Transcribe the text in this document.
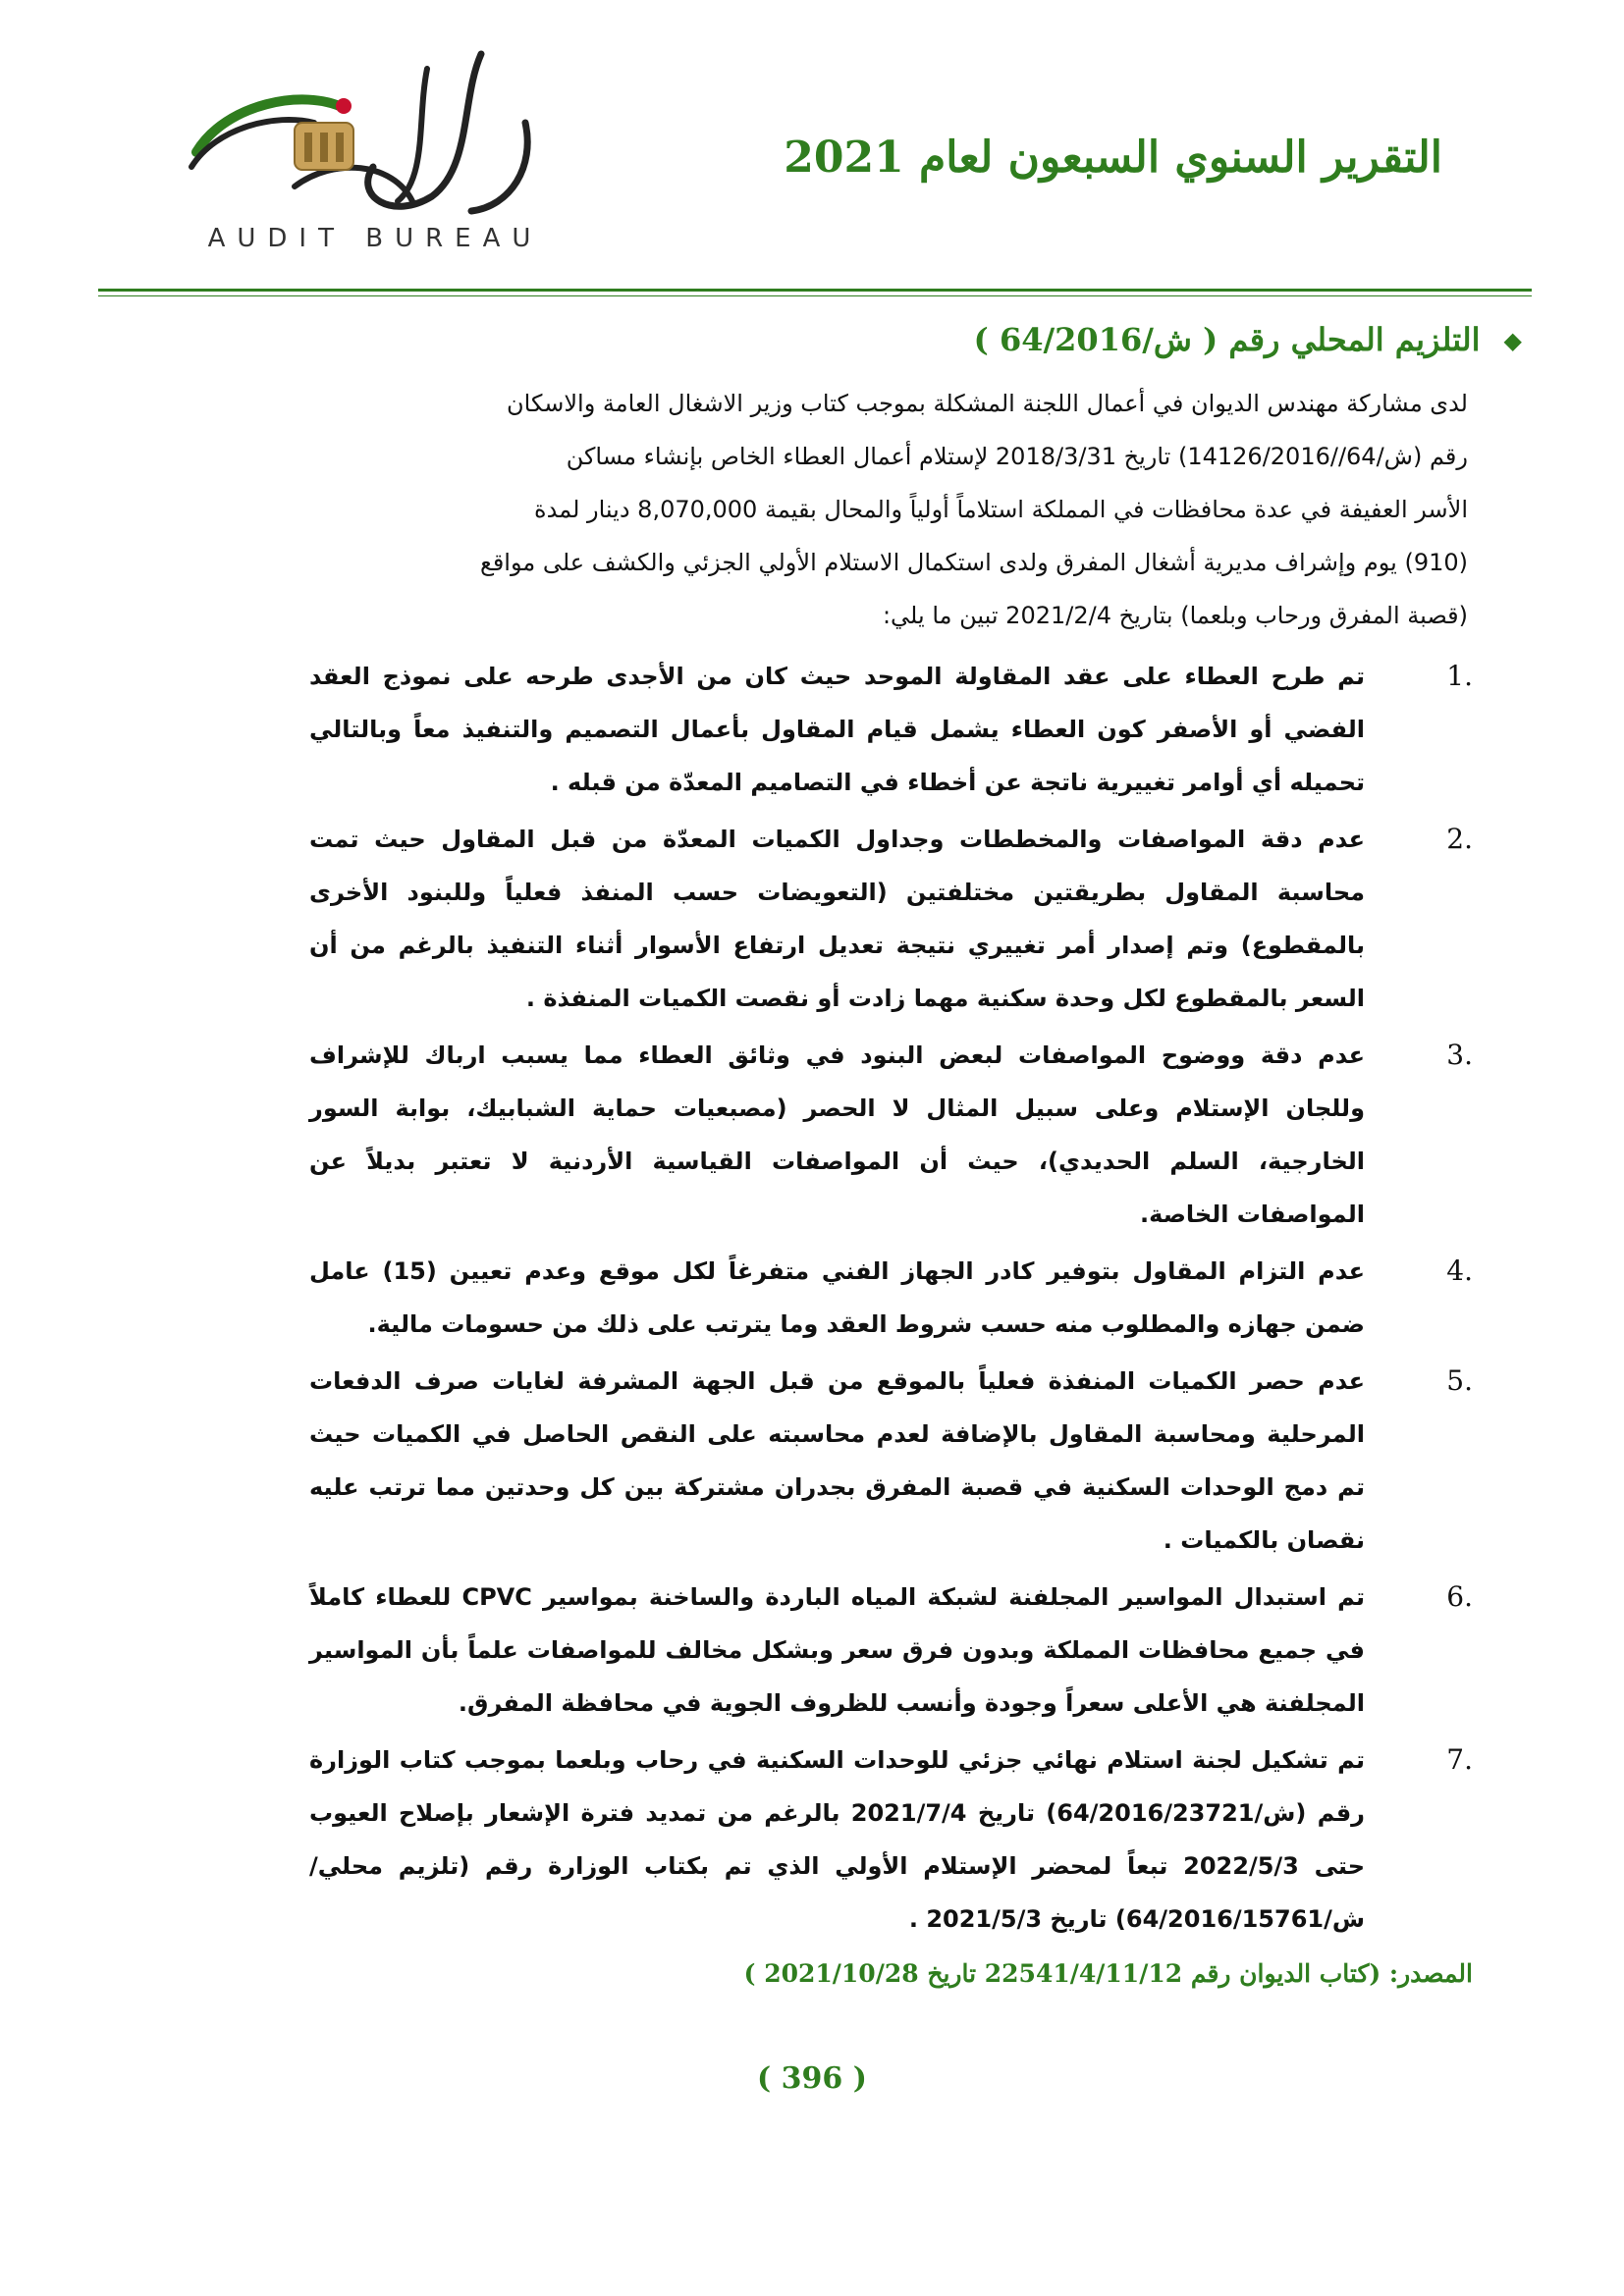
AUDIT BUREAU
التقرير السنوي السبعون لعام 2021
◆
التلزيم المحلي رقم ( ش/64/2016 )
لدى مشاركة مهندس الديوان في أعمال اللجنة المشكلة بموجب كتاب وزير الاشغال العامة والاسكان
رقم (ش/64//14126/2016) تاريخ 2018/3/31 لإستلام أعمال العطاء الخاص بإنشاء مساكن
الأسر العفيفة في عدة محافظات في المملكة استلاماً أولياً والمحال بقيمة 8,070,000 دينار لمدة
(910) يوم وإشراف مديرية أشغال المفرق ولدى استكمال الاستلام الأولي الجزئي والكشف على مواقع
(قصبة المفرق ورحاب وبلعما) بتاريخ 2021/2/4 تبين ما يلي:
1.
تم طرح العطاء على عقد المقاولة الموحد حيث كان من الأجدى طرحه على نموذج العقد الفضي أو الأصفر كون العطاء يشمل قيام المقاول بأعمال التصميم والتنفيذ معاً وبالتالي تحميله أي أوامر تغييرية ناتجة عن أخطاء في التصاميم المعدّة من قبله .
2.
عدم دقة المواصفات والمخططات وجداول الكميات المعدّة من قبل المقاول حيث تمت محاسبة المقاول بطريقتين مختلفتين (التعويضات حسب المنفذ فعلياً وللبنود الأخرى بالمقطوع) وتم إصدار أمر تغييري نتيجة تعديل ارتفاع الأسوار أثناء التنفيذ بالرغم من أن السعر بالمقطوع لكل وحدة سكنية مهما زادت أو نقصت الكميات المنفذة .
3.
عدم دقة ووضوح المواصفات لبعض البنود في وثائق العطاء مما يسبب ارباك للإشراف وللجان الإستلام وعلى سبيل المثال لا الحصر (مصبعيات حماية الشبابيك، بوابة السور الخارجية، السلم الحديدي)، حيث أن المواصفات القياسية الأردنية لا تعتبر بديلاً عن المواصفات الخاصة.
4.
عدم التزام المقاول بتوفير كادر الجهاز الفني متفرغاً لكل موقع وعدم تعيين (15) عامل ضمن جهازه والمطلوب منه حسب شروط العقد وما يترتب على ذلك من حسومات مالية.
5.
عدم حصر الكميات المنفذة فعلياً بالموقع من قبل الجهة المشرفة لغايات صرف الدفعات المرحلية ومحاسبة المقاول بالإضافة لعدم محاسبته على النقص الحاصل في الكميات حيث تم دمج الوحدات السكنية في قصبة المفرق بجدران مشتركة بين كل وحدتين مما ترتب عليه نقصان بالكميات .
6.
تم استبدال المواسير المجلفنة لشبكة المياه الباردة والساخنة بمواسير CPVC للعطاء كاملاً في جميع محافظات المملكة وبدون فرق سعر وبشكل مخالف للمواصفات علماً بأن المواسير المجلفنة هي الأعلى سعراً وجودة وأنسب للظروف الجوية في محافظة المفرق.
7.
تم تشكيل لجنة استلام نهائي جزئي للوحدات السكنية في رحاب وبلعما بموجب كتاب الوزارة رقم (ش/64/2016/23721) تاريخ 2021/7/4 بالرغم من تمديد فترة الإشعار بإصلاح العيوب حتى 2022/5/3 تبعاً لمحضر الإستلام الأولي الذي تم بكتاب الوزارة رقم (تلزيم محلي/ش/64/2016/15761) تاريخ 2021/5/3 .
المصدر: (كتاب الديوان رقم 22541/4/11/12 تاريخ 2021/10/28 )
( 396 )
